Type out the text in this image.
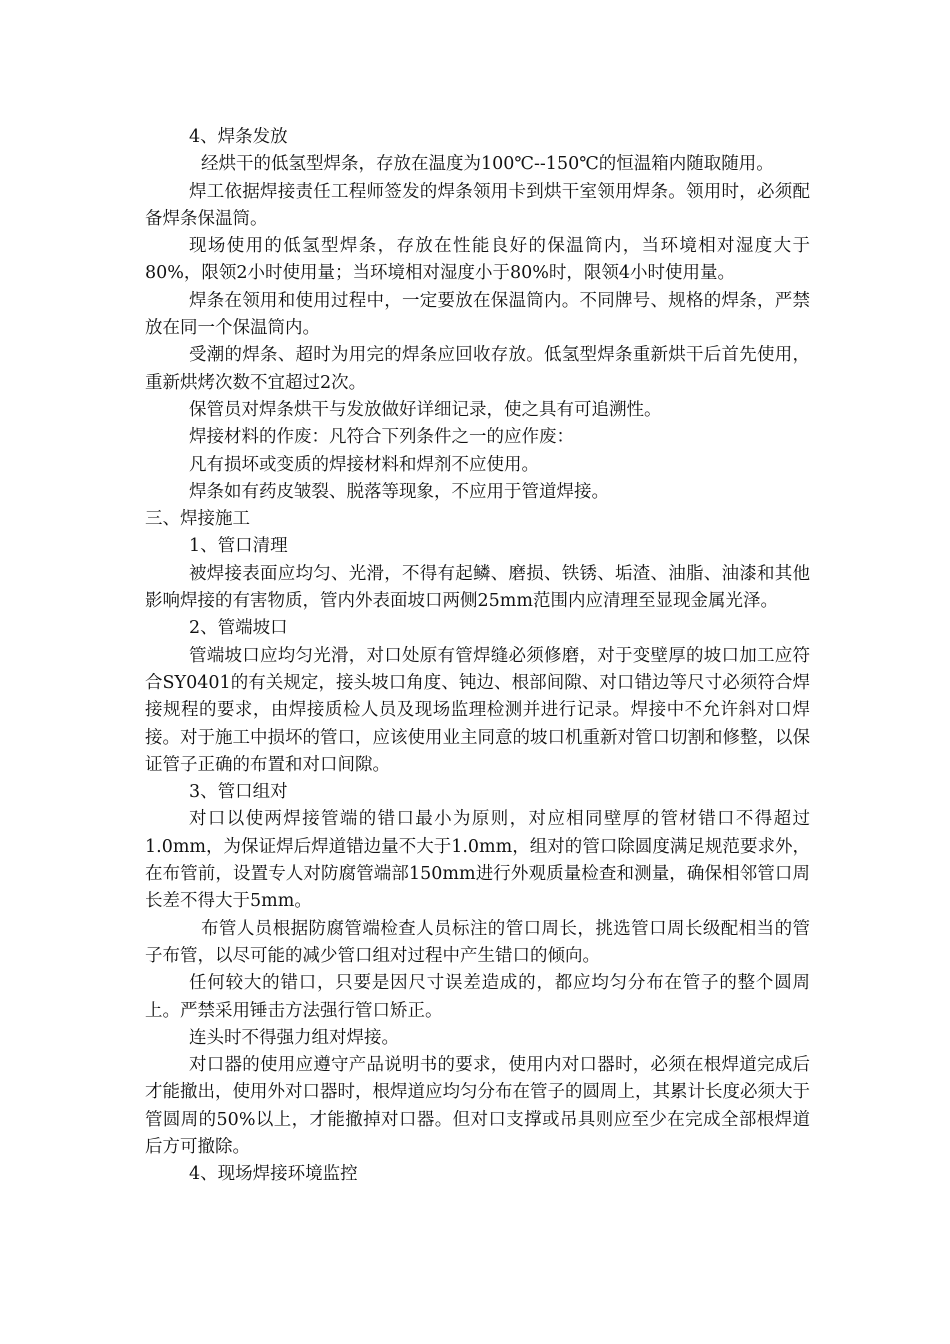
4、焊条发放

经烘干的低氢型焊条，存放在温度为100℃--150℃的恒温箱内随取随用。

焊工依据焊接责任工程师签发的焊条领用卡到烘干室领用焊条。领用时，必须配备焊条保温筒。

现场使用的低氢型焊条，存放在性能良好的保温筒内，当环境相对湿度大于80%，限领2小时使用量；当环境相对湿度小于80%时，限领4小时使用量。

焊条在领用和使用过程中，一定要放在保温筒内。不同牌号、规格的焊条，严禁放在同一个保温筒内。

受潮的焊条、超时为用完的焊条应回收存放。低氢型焊条重新烘干后首先使用，重新烘烤次数不宜超过2次。

保管员对焊条烘干与发放做好详细记录，使之具有可追溯性。

焊接材料的作废：凡符合下列条件之一的应作废：

凡有损坏或变质的焊接材料和焊剂不应使用。

焊条如有药皮皱裂、脱落等现象，不应用于管道焊接。

三、焊接施工

1、管口清理

被焊接表面应均匀、光滑，不得有起鳞、磨损、铁锈、垢渣、油脂、油漆和其他影响焊接的有害物质，管内外表面坡口两侧25mm范围内应清理至显现金属光泽。

2、管端坡口

管端坡口应均匀光滑，对口处原有管焊缝必须修磨，对于变壁厚的坡口加工应符合SY0401的有关规定，接头坡口角度、钝边、根部间隙、对口错边等尺寸必须符合焊接规程的要求，由焊接质检人员及现场监理检测并进行记录。焊接中不允许斜对口焊接。对于施工中损坏的管口，应该使用业主同意的坡口机重新对管口切割和修整，以保证管子正确的布置和对口间隙。

3、管口组对

对口以使两焊接管端的错口最小为原则，对应相同壁厚的管材错口不得超过1.0mm，为保证焊后焊道错边量不大于1.0mm，组对的管口除圆度满足规范要求外，在布管前，设置专人对防腐管端部150mm进行外观质量检查和测量，确保相邻管口周长差不得大于5mm。

布管人员根据防腐管端检查人员标注的管口周长，挑选管口周长级配相当的管子布管，以尽可能的减少管口组对过程中产生错口的倾向。

任何较大的错口，只要是因尺寸误差造成的，都应均匀分布在管子的整个圆周上。严禁采用锤击方法强行管口矫正。

连头时不得强力组对焊接。

对口器的使用应遵守产品说明书的要求，使用内对口器时，必须在根焊道完成后才能撤出，使用外对口器时，根焊道应均匀分布在管子的圆周上，其累计长度必须大于管圆周的50%以上，才能撤掉对口器。但对口支撑或吊具则应至少在完成全部根焊道后方可撤除。

4、现场焊接环境监控
